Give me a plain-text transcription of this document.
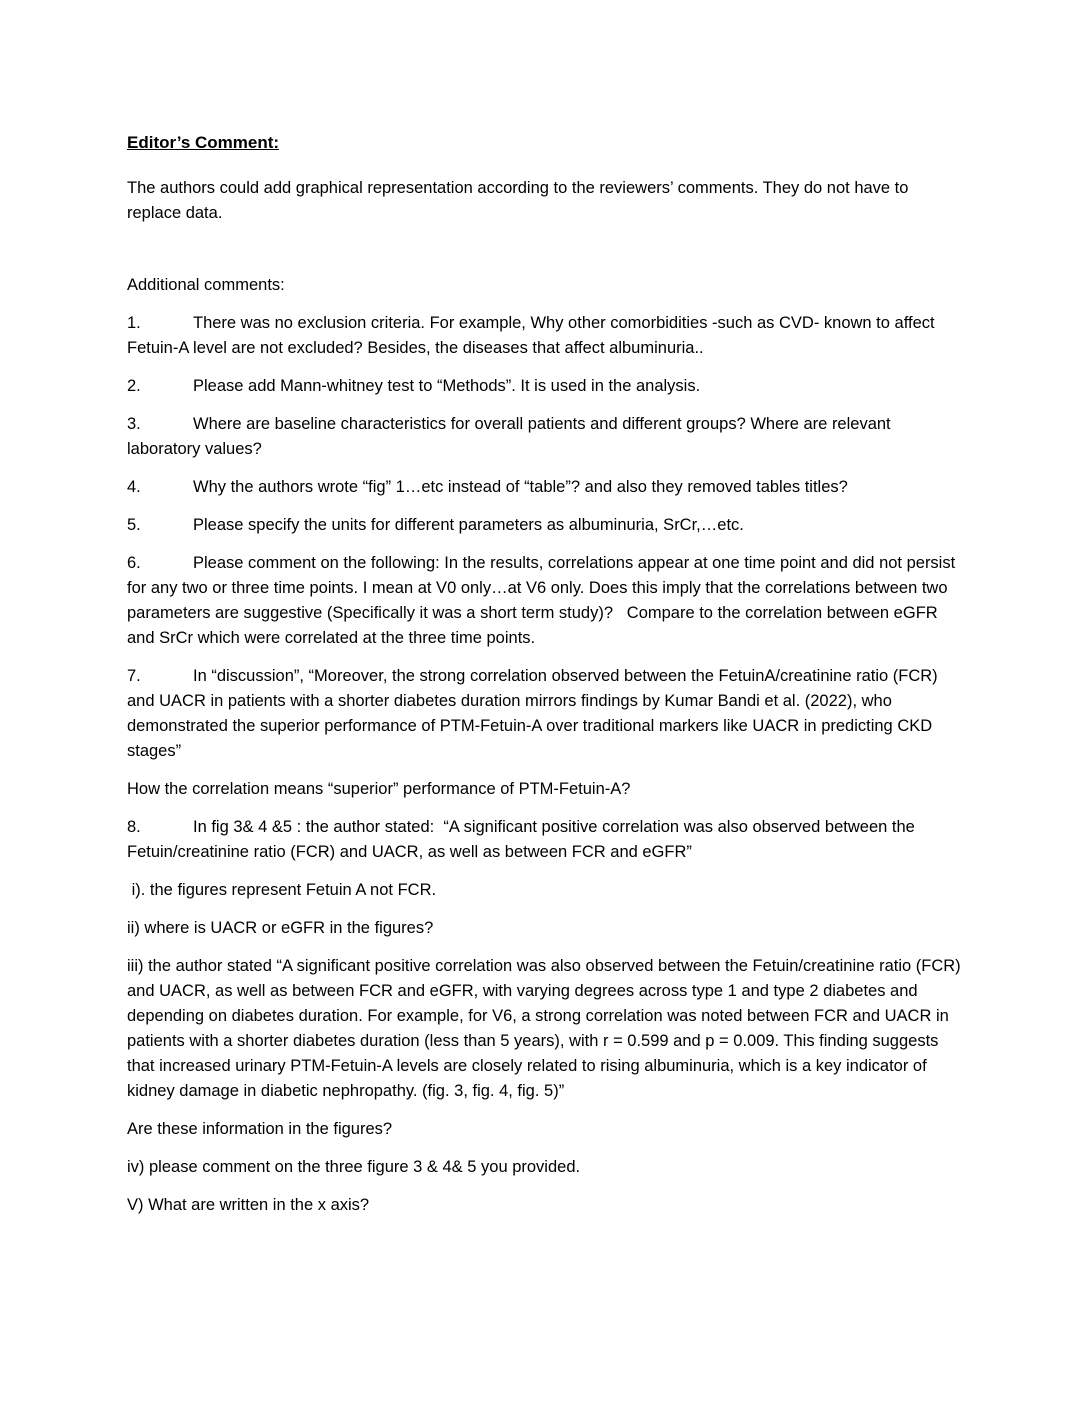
Editor’s Comment:

The authors could add graphical representation according to the reviewers’ comments. They do not have to replace data.

Additional comments:

1.	There was no exclusion criteria. For example, Why other comorbidities -such as CVD- known to affect Fetuin-A level are not excluded? Besides, the diseases that affect albuminuria..

2.	Please add Mann-whitney test to “Methods”. It is used in the analysis.

3.	Where are baseline characteristics for overall patients and different groups? Where are relevant laboratory values?

4.	Why the authors wrote “fig” 1…etc instead of “table”? and also they removed tables titles?

5.	Please specify the units for different parameters as albuminuria, SrCr,…etc.

6.	Please comment on the following: In the results, correlations appear at one time point and did not persist for any two or three time points. I mean at V0 only…at V6 only. Does this imply that the correlations between two parameters are suggestive (Specifically it was a short term study)?   Compare to the correlation between eGFR and SrCr which were correlated at the three time points.

7.	In “discussion”, “Moreover, the strong correlation observed between the FetuinA/creatinine ratio (FCR) and UACR in patients with a shorter diabetes duration mirrors findings by Kumar Bandi et al. (2022), who demonstrated the superior performance of PTM-Fetuin-A over traditional markers like UACR in predicting CKD stages”

How the correlation means “superior” performance of PTM-Fetuin-A?

8.	In fig 3& 4 &5 : the author stated:  “A significant positive correlation was also observed between the Fetuin/creatinine ratio (FCR) and UACR, as well as between FCR and eGFR”

i). the figures represent Fetuin A not FCR.

ii) where is UACR or eGFR in the figures?

iii) the author stated “A significant positive correlation was also observed between the Fetuin/creatinine ratio (FCR) and UACR, as well as between FCR and eGFR, with varying degrees across type 1 and type 2 diabetes and depending on diabetes duration. For example, for V6, a strong correlation was noted between FCR and UACR in patients with a shorter diabetes duration (less than 5 years), with r = 0.599 and p = 0.009. This finding suggests that increased urinary PTM-Fetuin-A levels are closely related to rising albuminuria, which is a key indicator of kidney damage in diabetic nephropathy. (fig. 3, fig. 4, fig. 5)”

Are these information in the figures?

iv) please comment on the three figure 3 & 4& 5 you provided.

V) What are written in the x axis?
